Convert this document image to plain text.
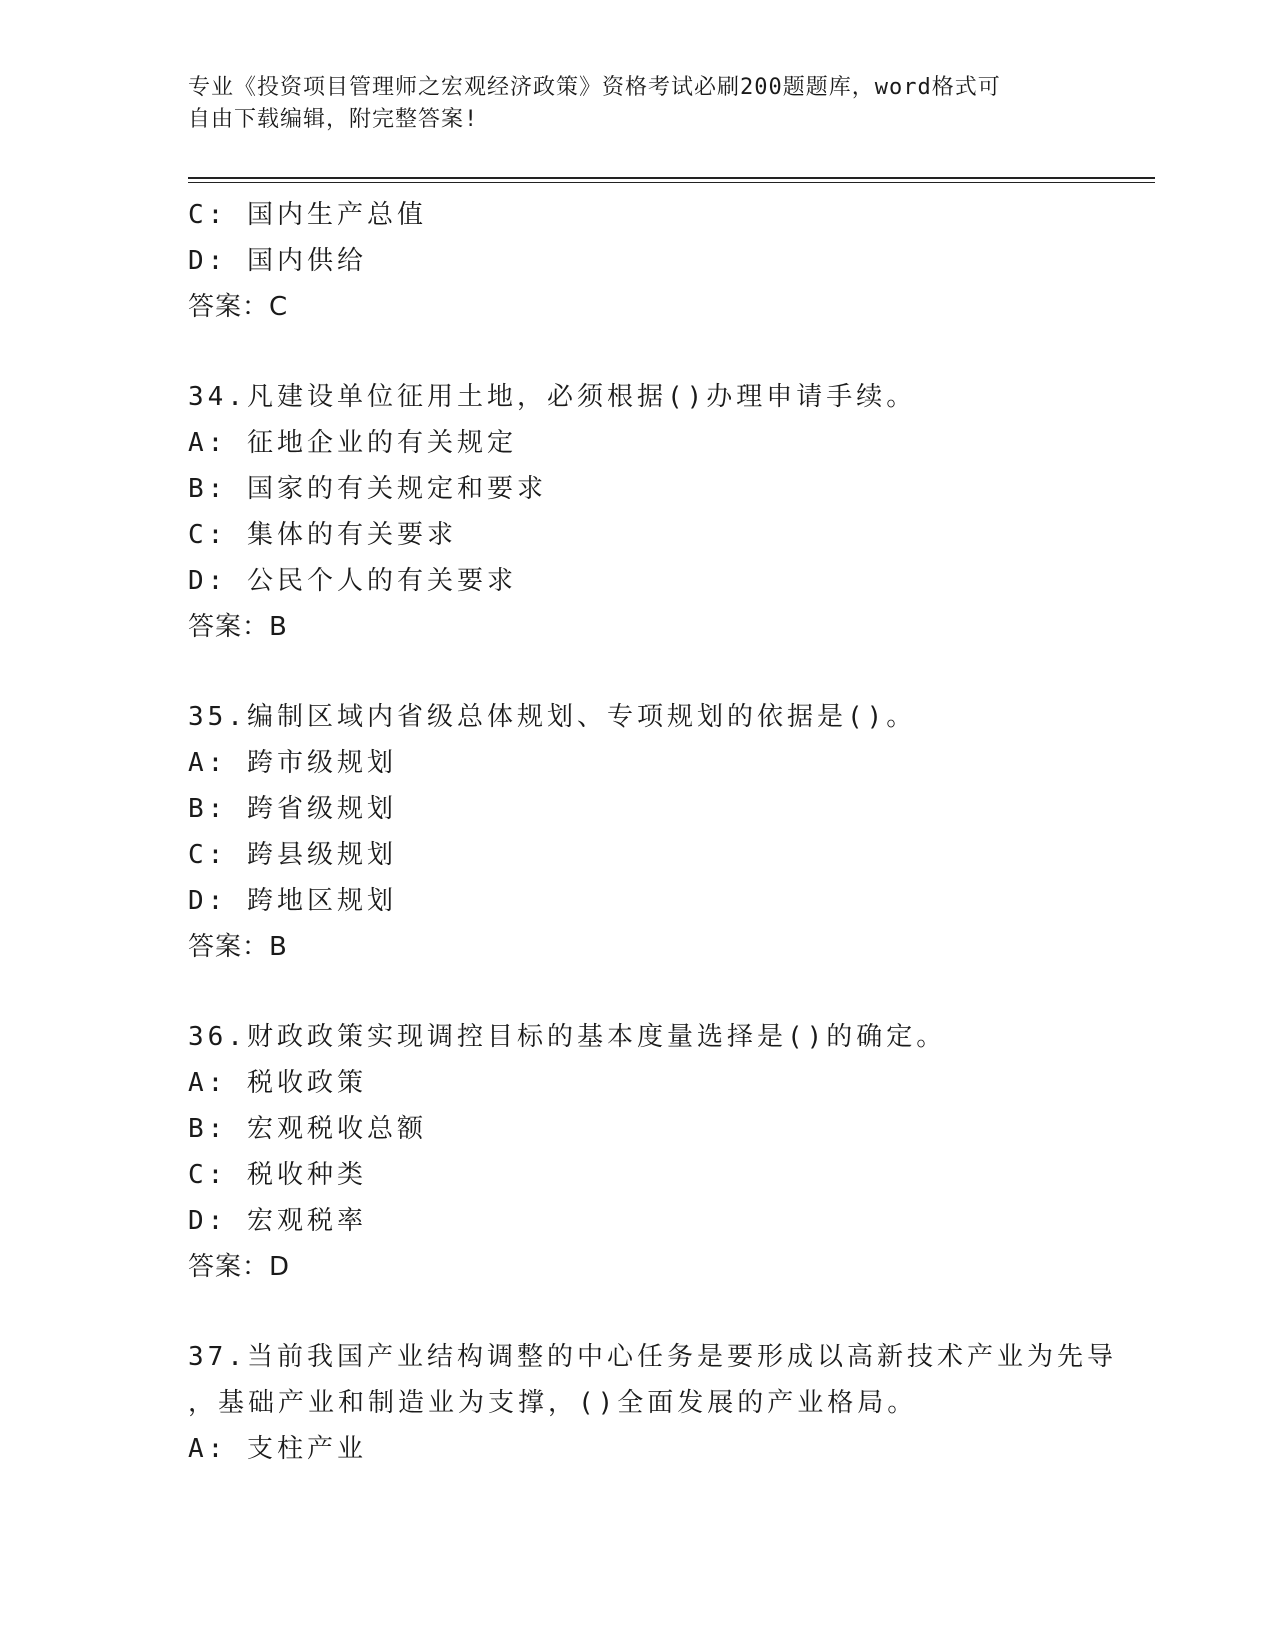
专业《投资项目管理师之宏观经济政策》资格考试必刷200题题库，word格式可
自由下载编辑，附完整答案!
C: 国内生产总值
D: 国内供给
答案：C
34.凡建设单位征用土地，必须根据()办理申请手续。
A: 征地企业的有关规定
B: 国家的有关规定和要求
C: 集体的有关要求
D: 公民个人的有关要求
答案：B
35.编制区域内省级总体规划、专项规划的依据是()。
A: 跨市级规划
B: 跨省级规划
C: 跨县级规划
D: 跨地区规划
答案：B
36.财政政策实现调控目标的基本度量选择是()的确定。
A: 税收政策
B: 宏观税收总额
C: 税收种类
D: 宏观税率
答案：D
37.当前我国产业结构调整的中心任务是要形成以高新技术产业为先导
，基础产业和制造业为支撑，()全面发展的产业格局。
A: 支柱产业
